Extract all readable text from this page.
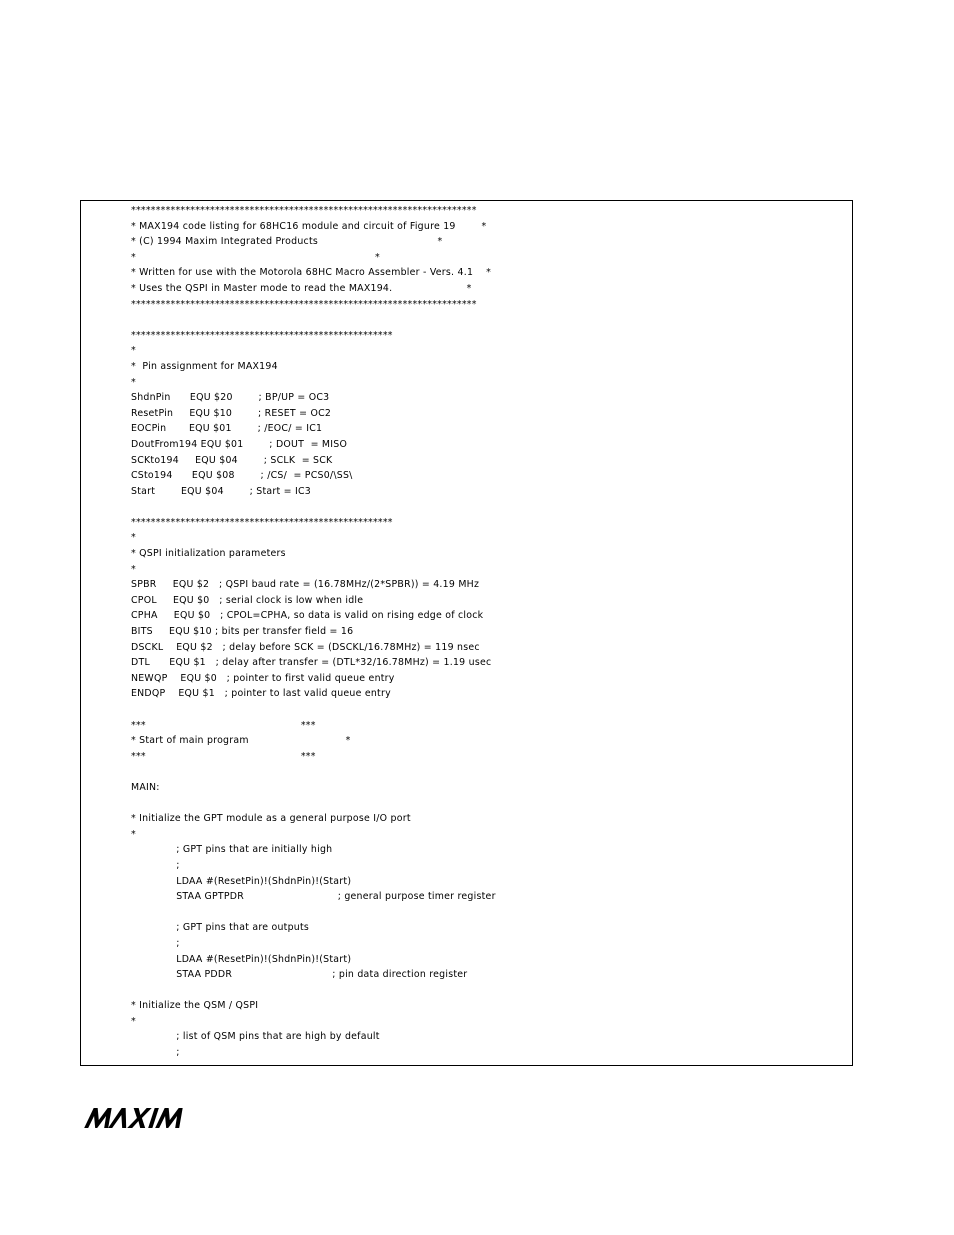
**********************************************************************
* MAX194 code listing for 68HC16 module and circuit of Figure 19        *
* (C) 1994 Maxim Integrated Products                                     *
*                                                                          *
* Written for use with the Motorola 68HC Macro Assembler - Vers. 4.1    *
* Uses the QSPI in Master mode to read the MAX194.                       *
**********************************************************************
*****************************************************
*
*  Pin assignment for MAX194
*
ShdnPin      EQU $20        ; BP/UP = OC3
ResetPin     EQU $10        ; RESET = OC2
EOCPin       EQU $01        ; /EOC/ = IC1
DoutFrom194 EQU $01        ; DOUT  = MISO
SCKto194     EQU $04        ; SCLK  = SCK
CSto194      EQU $08        ; /CS/  = PCS0/\SS\
Start        EQU $04        ; Start = IC3
*****************************************************
*
* QSPI initialization parameters
*
SPBR     EQU $2   ; QSPI baud rate = (16.78MHz/(2*SPBR)) = 4.19 MHz
CPOL     EQU $0   ; serial clock is low when idle
CPHA     EQU $0   ; CPOL=CPHA, so data is valid on rising edge of clock
BITS     EQU $10 ; bits per transfer field = 16
DSCKL    EQU $2   ; delay before SCK = (DSCKL/16.78MHz) = 119 nsec
DTL      EQU $1   ; delay after transfer = (DTL*32/16.78MHz) = 1.19 usec
NEWQP    EQU $0   ; pointer to first valid queue entry
ENDQP    EQU $1   ; pointer to last valid queue entry
***                                                ***
* Start of main program                              *
***                                                ***
MAIN:
* Initialize the GPT module as a general purpose I/O port
*
; GPT pins that are initially high
;
LDAA #(ResetPin)!(ShdnPin)!(Start)
STAA GPTPDR                             ; general purpose timer register
; GPT pins that are outputs
;
LDAA #(ResetPin)!(ShdnPin)!(Start)
STAA PDDR                               ; pin data direction register
* Initialize the QSM / QSPI
*
; list of QSM pins that are high by default
;
